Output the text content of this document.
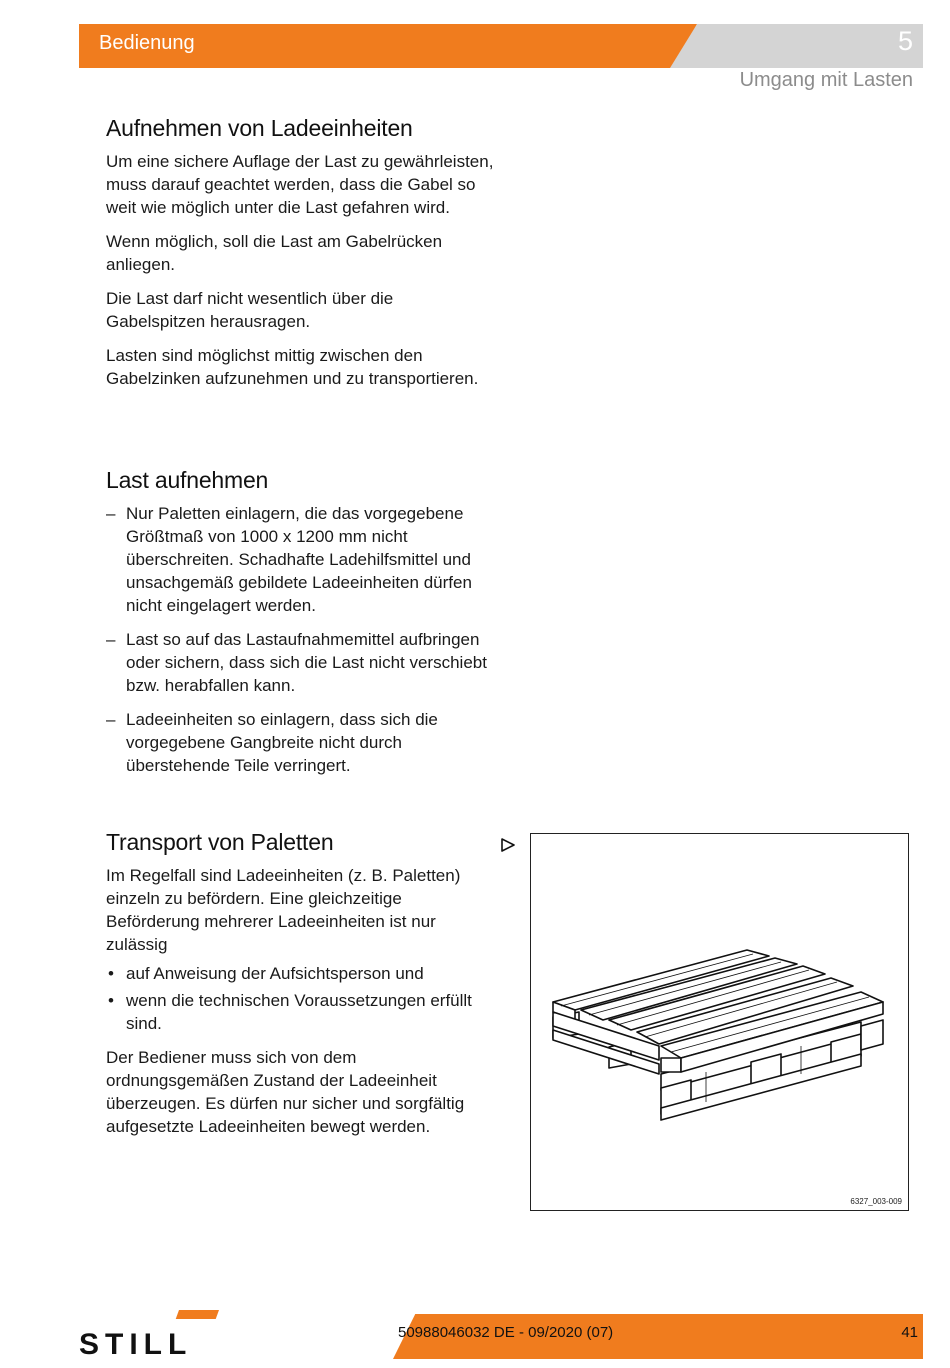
Bedienung	5
Umgang mit Lasten
Aufnehmen von Ladeeinheiten

Um eine sichere Auflage der Last zu gewährleisten, muss darauf geachtet werden, dass die Gabel so weit wie möglich unter die Last gefahren wird.

Wenn möglich, soll die Last am Gabelrücken anliegen.

Die Last darf nicht wesentlich über die Gabelspitzen herausragen.

Lasten sind möglichst mittig zwischen den Gabelzinken aufzunehmen und zu transportieren.

Last aufnehmen
– Nur Paletten einlagern, die das vorgegebene Größtmaß von 1000 x 1200 mm nicht überschreiten. Schadhafte Ladehilfsmittel und unsachgemäß gebildete Ladeeinheiten dürfen nicht eingelagert werden.
– Last so auf das Lastaufnahmemittel aufbringen oder sichern, dass sich die Last nicht verschiebt bzw. herabfallen kann.
– Ladeeinheiten so einlagern, dass sich die vorgegebene Gangbreite nicht durch überstehende Teile verringert.
Transport von Paletten

Im Regelfall sind Ladeeinheiten (z. B. Paletten) einzeln zu befördern. Eine gleichzeitige Beförderung mehrerer Ladeeinheiten ist nur zulässig

• auf Anweisung der Aufsichtsperson und
• wenn die technischen Voraussetzungen erfüllt sind.

Der Bediener muss sich von dem ordnungsgemäßen Zustand der Ladeeinheit überzeugen. Es dürfen nur sicher und sorgfältig aufgesetzte Ladeeinheiten bewegt werden.

6327_003-009
STILL	50988046032 DE - 09/2020 (07)	41
